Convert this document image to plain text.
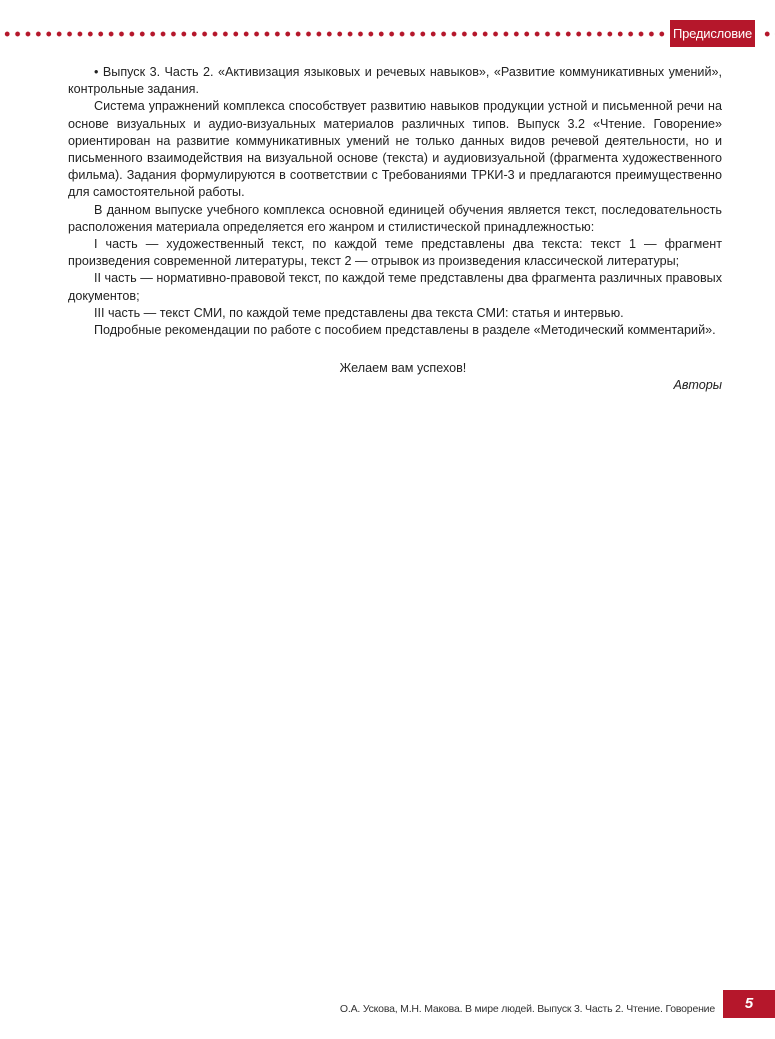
Предисловие

• Выпуск 3. Часть 2. «Активизация языковых и речевых навыков», «Развитие коммуникативных умений», контрольные задания.

Система упражнений комплекса способствует развитию навыков продукции устной и письменной речи на основе визуальных и аудио-визуальных материалов различных типов. Выпуск 3.2 «Чтение. Говорение» ориентирован на развитие коммуникативных умений не только данных видов речевой деятельности, но и письменного взаимодействия на визуальной основе (текста) и аудиовизуальной (фрагмента художественного фильма). Задания формулируются в соответствии с Требованиями ТРКИ-3 и предлагаются преимущественно для самостоятельной работы.

В данном выпуске учебного комплекса основной единицей обучения является текст, последовательность расположения материала определяется его жанром и стилистической принадлежностью:

I часть — художественный текст, по каждой теме представлены два текста: текст 1 — фрагмент произведения современной литературы, текст 2 — отрывок из произведения классической литературы;

II часть — нормативно-правовой текст, по каждой теме представлены два фрагмента различных правовых документов;

III часть — текст СМИ, по каждой теме представлены два текста СМИ: статья и интервью.

Подробные рекомендации по работе с пособием представлены в разделе «Методический комментарий».

Желаем вам успехов!

Авторы

О.А. Ускова, М.Н. Макова. В мире людей. Выпуск 3. Часть 2. Чтение. Говорение	5
